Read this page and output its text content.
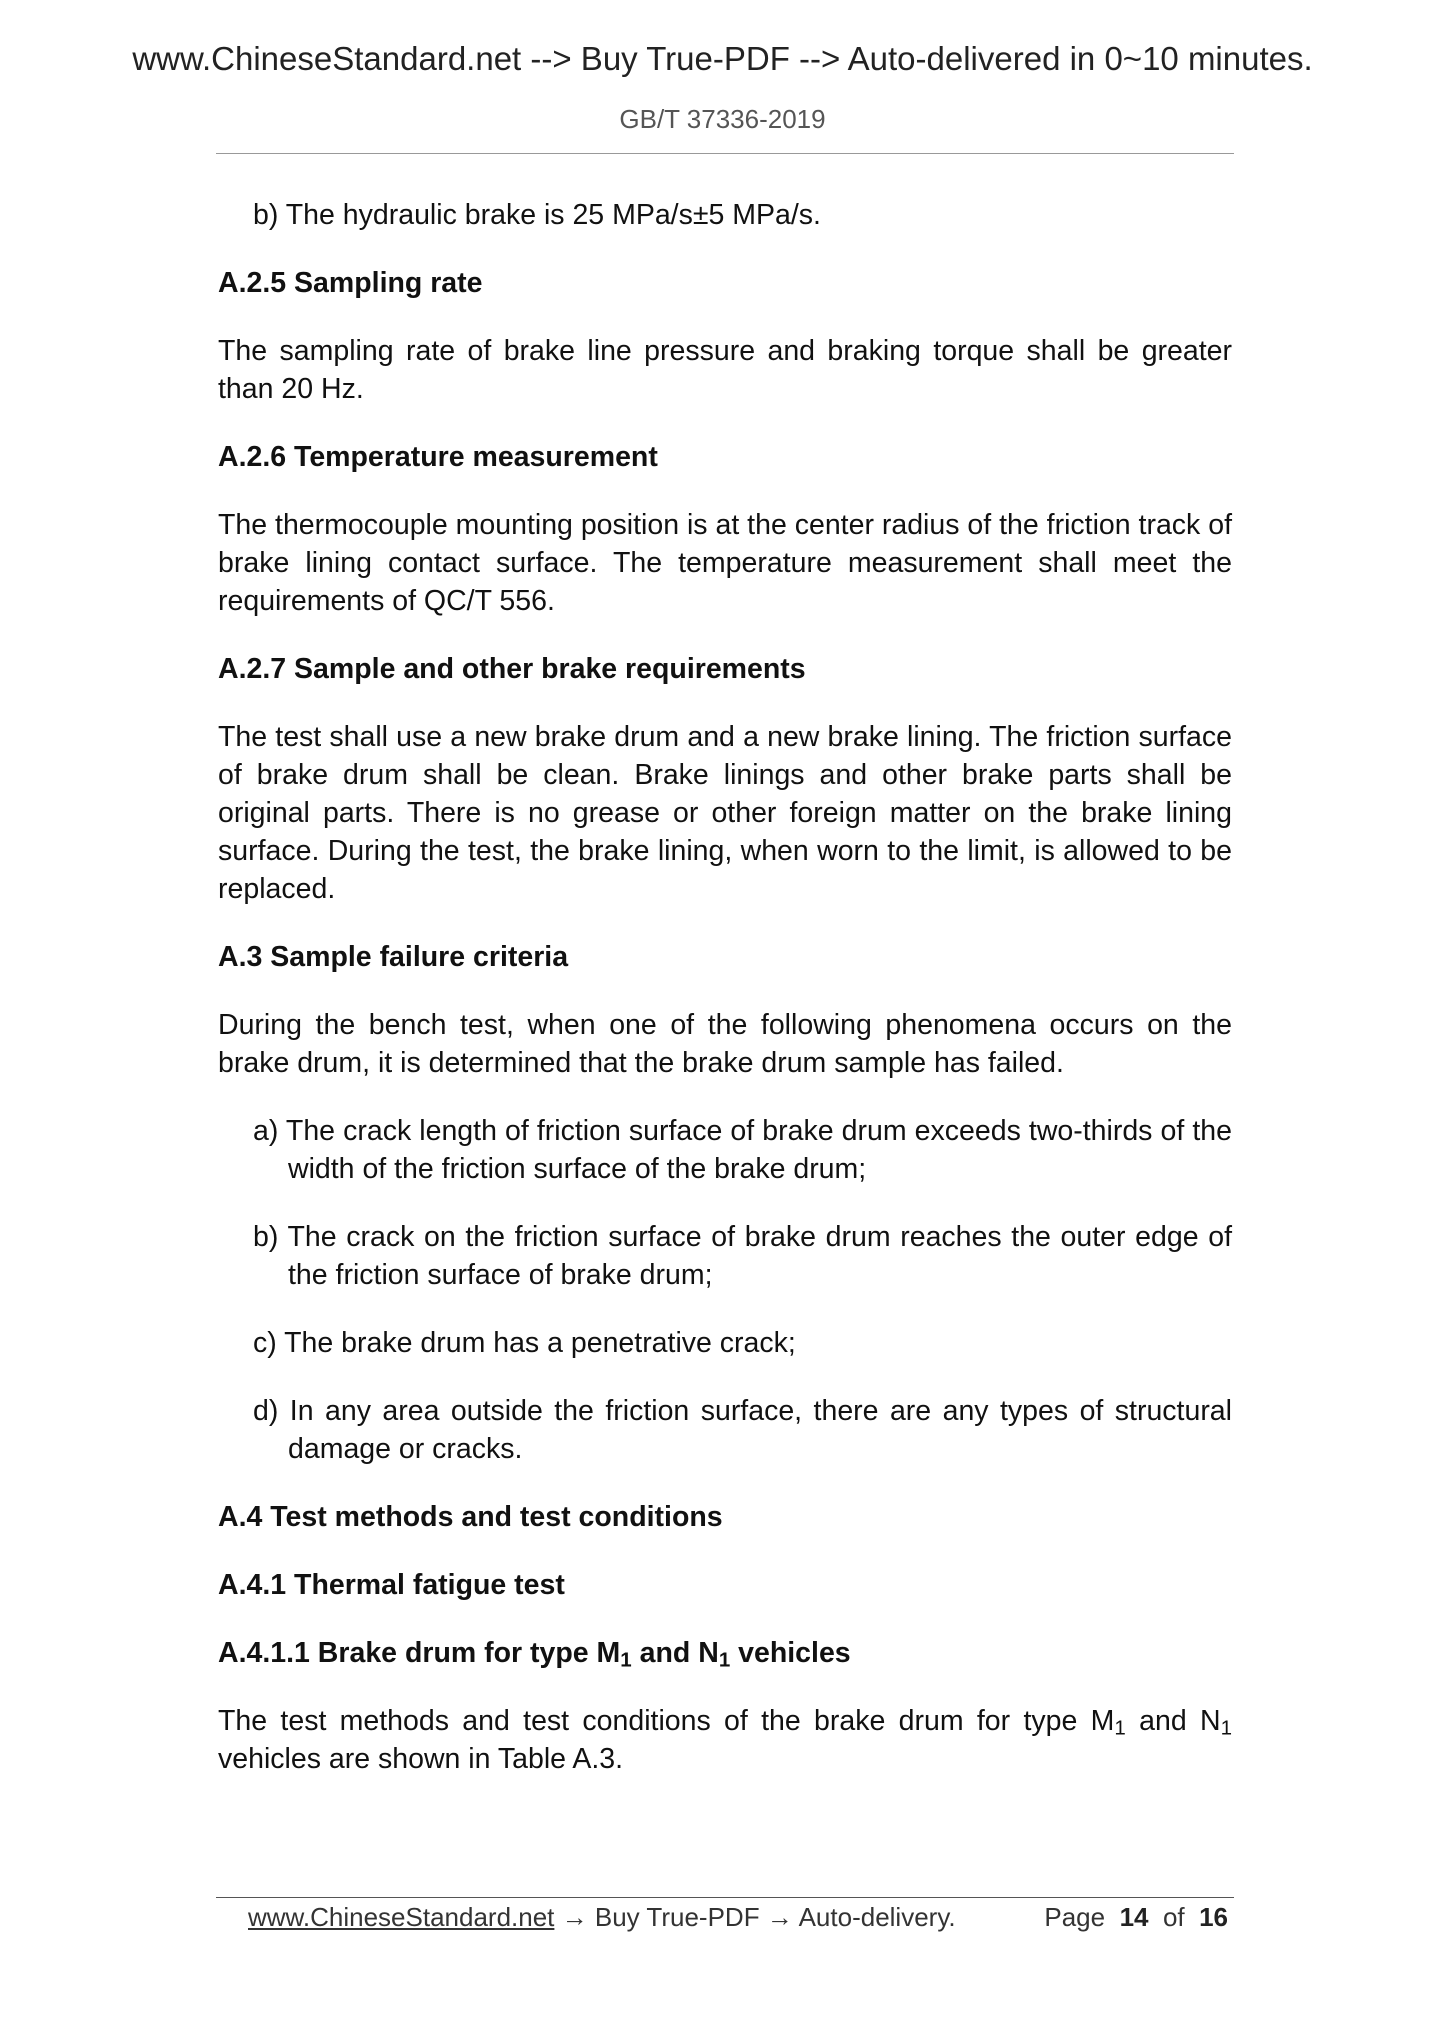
www.ChineseStandard.net --> Buy True-PDF --> Auto-delivered in 0~10 minutes.
GB/T 37336-2019

b) The hydraulic brake is 25 MPa/s±5 MPa/s.

A.2.5 Sampling rate

The sampling rate of brake line pressure and braking torque shall be greater than 20 Hz.

A.2.6 Temperature measurement

The thermocouple mounting position is at the center radius of the friction track of brake lining contact surface. The temperature measurement shall meet the requirements of QC/T 556.

A.2.7 Sample and other brake requirements

The test shall use a new brake drum and a new brake lining. The friction surface of brake drum shall be clean. Brake linings and other brake parts shall be original parts. There is no grease or other foreign matter on the brake lining surface. During the test, the brake lining, when worn to the limit, is allowed to be replaced.

A.3 Sample failure criteria

During the bench test, when one of the following phenomena occurs on the brake drum, it is determined that the brake drum sample has failed.

a) The crack length of friction surface of brake drum exceeds two-thirds of the width of the friction surface of the brake drum;

b) The crack on the friction surface of brake drum reaches the outer edge of the friction surface of brake drum;

c) The brake drum has a penetrative crack;

d) In any area outside the friction surface, there are any types of structural damage or cracks.

A.4 Test methods and test conditions

A.4.1 Thermal fatigue test

A.4.1.1 Brake drum for type $M_1$ and $N_1$ vehicles

The test methods and test conditions of the brake drum for type $M_1$ and $N_1$ vehicles are shown in Table A.3.

www.ChineseStandard.net → Buy True-PDF → Auto-delivery.	Page 14 of 16
